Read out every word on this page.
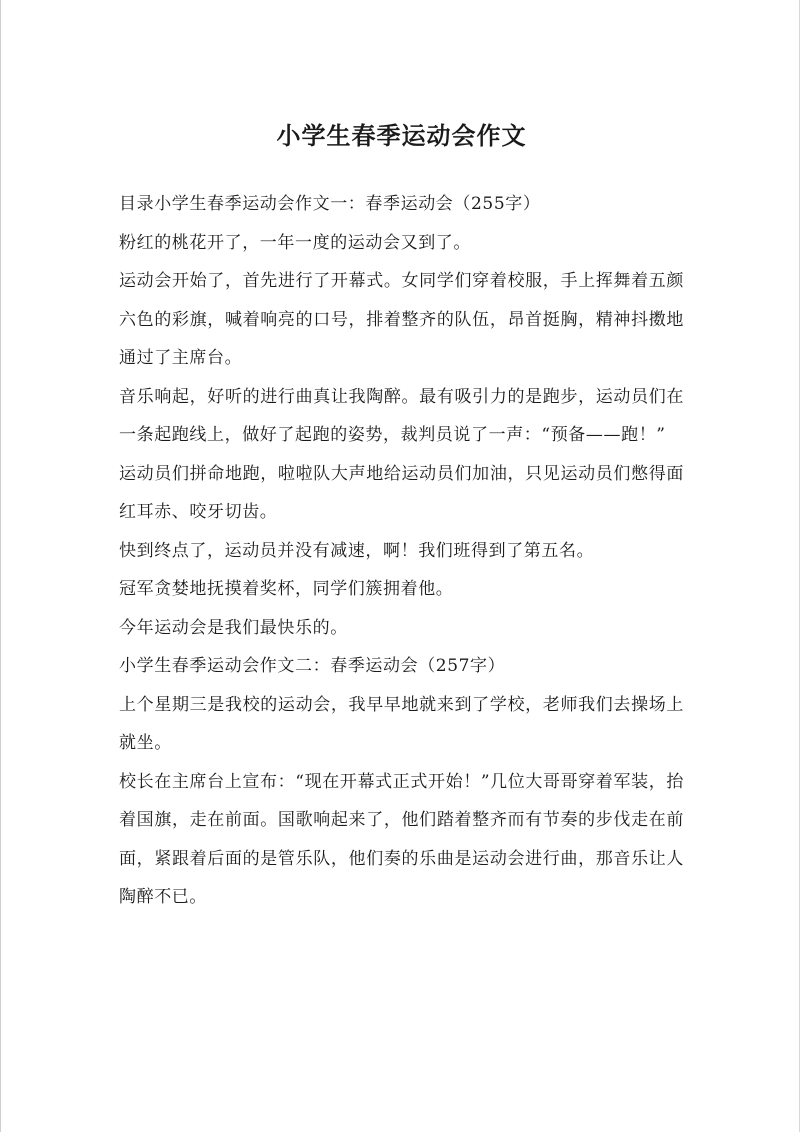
小学生春季运动会作文

目录小学生春季运动会作文一：春季运动会（255字）

粉红的桃花开了，一年一度的运动会又到了。

运动会开始了，首先进行了开幕式。女同学们穿着校服，手上挥舞着五颜六色的彩旗，喊着响亮的口号，排着整齐的队伍，昂首挺胸，精神抖擞地通过了主席台。

音乐响起，好听的进行曲真让我陶醉。最有吸引力的是跑步，运动员们在一条起跑线上，做好了起跑的姿势，裁判员说了一声：“预备——跑！”

运动员们拼命地跑，啦啦队大声地给运动员们加油，只见运动员们憋得面红耳赤、咬牙切齿。

快到终点了，运动员并没有减速，啊！我们班得到了第五名。

冠军贪婪地抚摸着奖杯，同学们簇拥着他。

今年运动会是我们最快乐的。

小学生春季运动会作文二：春季运动会（257字）

上个星期三是我校的运动会，我早早地就来到了学校，老师我们去操场上就坐。

校长在主席台上宣布：“现在开幕式正式开始！”几位大哥哥穿着军装，抬着国旗，走在前面。国歌响起来了，他们踏着整齐而有节奏的步伐走在前面，紧跟着后面的是管乐队，他们奏的乐曲是运动会进行曲，那音乐让人陶醉不已。
